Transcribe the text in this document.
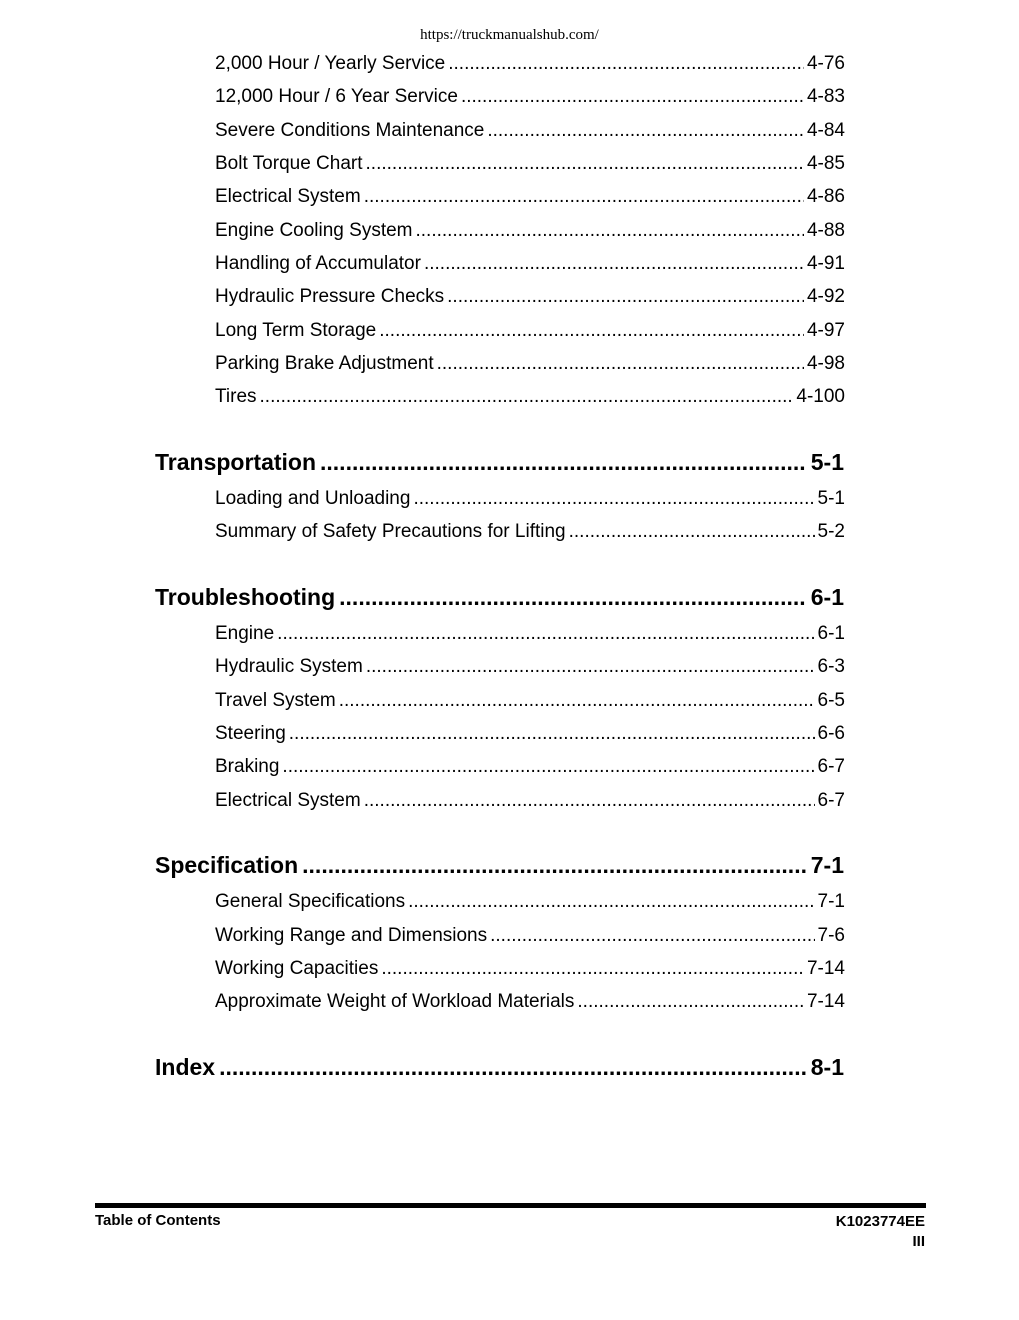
https://truckmanualshub.com/
2,000 Hour / Yearly Service .....	4-76
12,000 Hour / 6 Year Service .....	4-83
Severe Conditions Maintenance .....	4-84
Bolt Torque Chart .....	4-85
Electrical System .....	4-86
Engine Cooling System .....	4-88
Handling of Accumulator .....	4-91
Hydraulic Pressure Checks .....	4-92
Long Term Storage .....	4-97
Parking Brake Adjustment .....	4-98
Tires .....	4-100
Transportation .....	5-1
Loading and Unloading .....	5-1
Summary of Safety Precautions for Lifting .....	5-2
Troubleshooting .....	6-1
Engine .....	6-1
Hydraulic System .....	6-3
Travel System .....	6-5
Steering .....	6-6
Braking .....	6-7
Electrical System .....	6-7
Specification .....	7-1
General Specifications .....	7-1
Working Range and Dimensions .....	7-6
Working Capacities .....	7-14
Approximate Weight of Workload Materials .....	7-14
Index .....	8-1
Table of Contents	K1023774EE
III
